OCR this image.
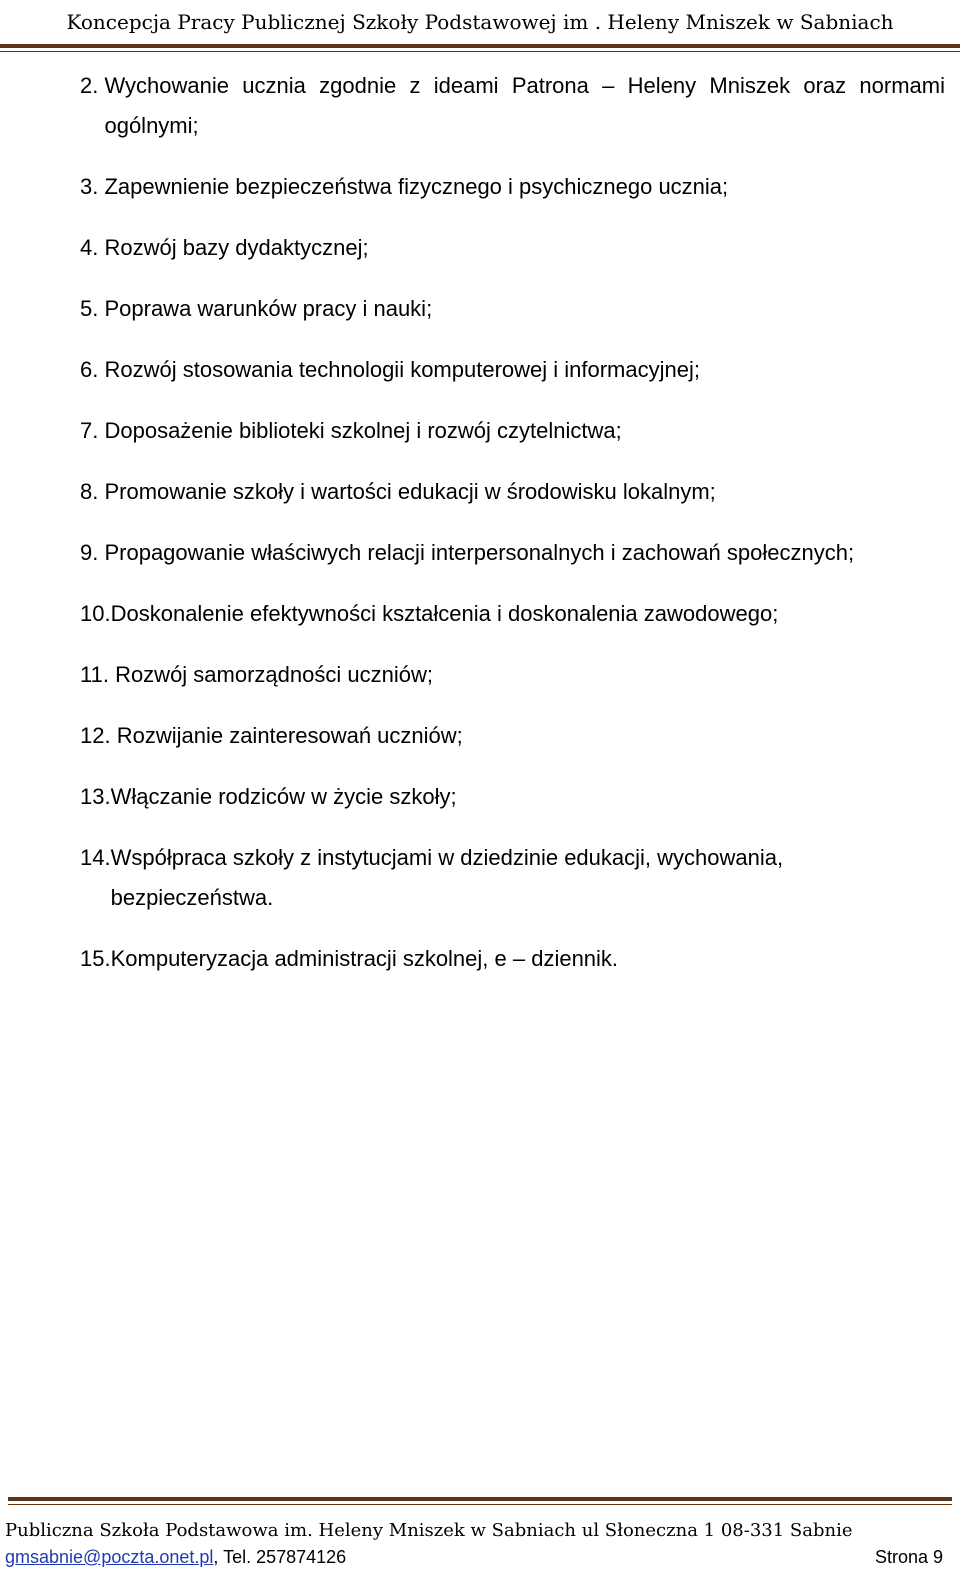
Koncepcja Pracy Publicznej Szkoły Podstawowej im . Heleny Mniszek w Sabniach
2. Wychowanie ucznia zgodnie z ideami Patrona – Heleny Mniszek oraz normami ogólnymi;
3. Zapewnienie bezpieczeństwa fizycznego i psychicznego ucznia;
4. Rozwój bazy dydaktycznej;
5. Poprawa warunków pracy i nauki;
6. Rozwój stosowania technologii komputerowej i informacyjnej;
7. Doposażenie biblioteki szkolnej i rozwój czytelnictwa;
8. Promowanie szkoły i wartości edukacji w środowisku lokalnym;
9. Propagowanie właściwych relacji interpersonalnych i zachowań społecznych;
10. Doskonalenie efektywności kształcenia i doskonalenia zawodowego;
11. Rozwój samorządności uczniów;
12. Rozwijanie zainteresowań uczniów;
13. Włączanie rodziców w życie szkoły;
14. Współpraca szkoły z instytucjami w dziedzinie edukacji, wychowania, bezpieczeństwa.
15. Komputeryzacja administracji szkolnej, e – dziennik.
Publiczna Szkoła Podstawowa im. Heleny Mniszek w Sabniach ul Słoneczna 1 08-331 Sabnie
gmsabnie@poczta.onet.pl, Tel. 257874126	Strona 9
